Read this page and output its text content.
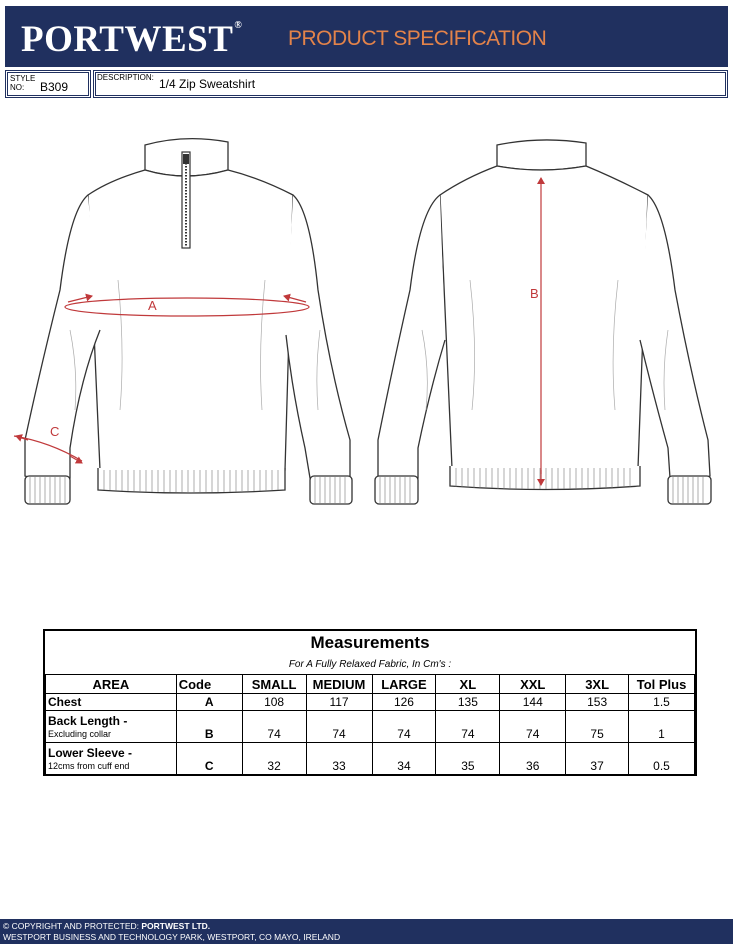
PORTWEST®
PRODUCT SPECIFICATION
STYLE
NO: B309
DESCRIPTION: 1/4 Zip Sweatshirt
A
C
B
Measurements
For A Fully Relaxed Fabric, In Cm's :
AREA	Code	SMALL	MEDIUM	LARGE	XL	XXL	3XL	Tol Plus

Chest	A	108	117	126	135	144	153	1.5

Back Length -
Excluding collar	B	74	74	74	74	74	75	1

Lower Sleeve -
12cms from cuff end	C	32	33	34	35	36	37	0.5
© COPYRIGHT AND PROTECTED: PORTWEST LTD.
WESTPORT BUSINESS AND TECHNOLOGY PARK, WESTPORT, CO MAYO, IRELAND
